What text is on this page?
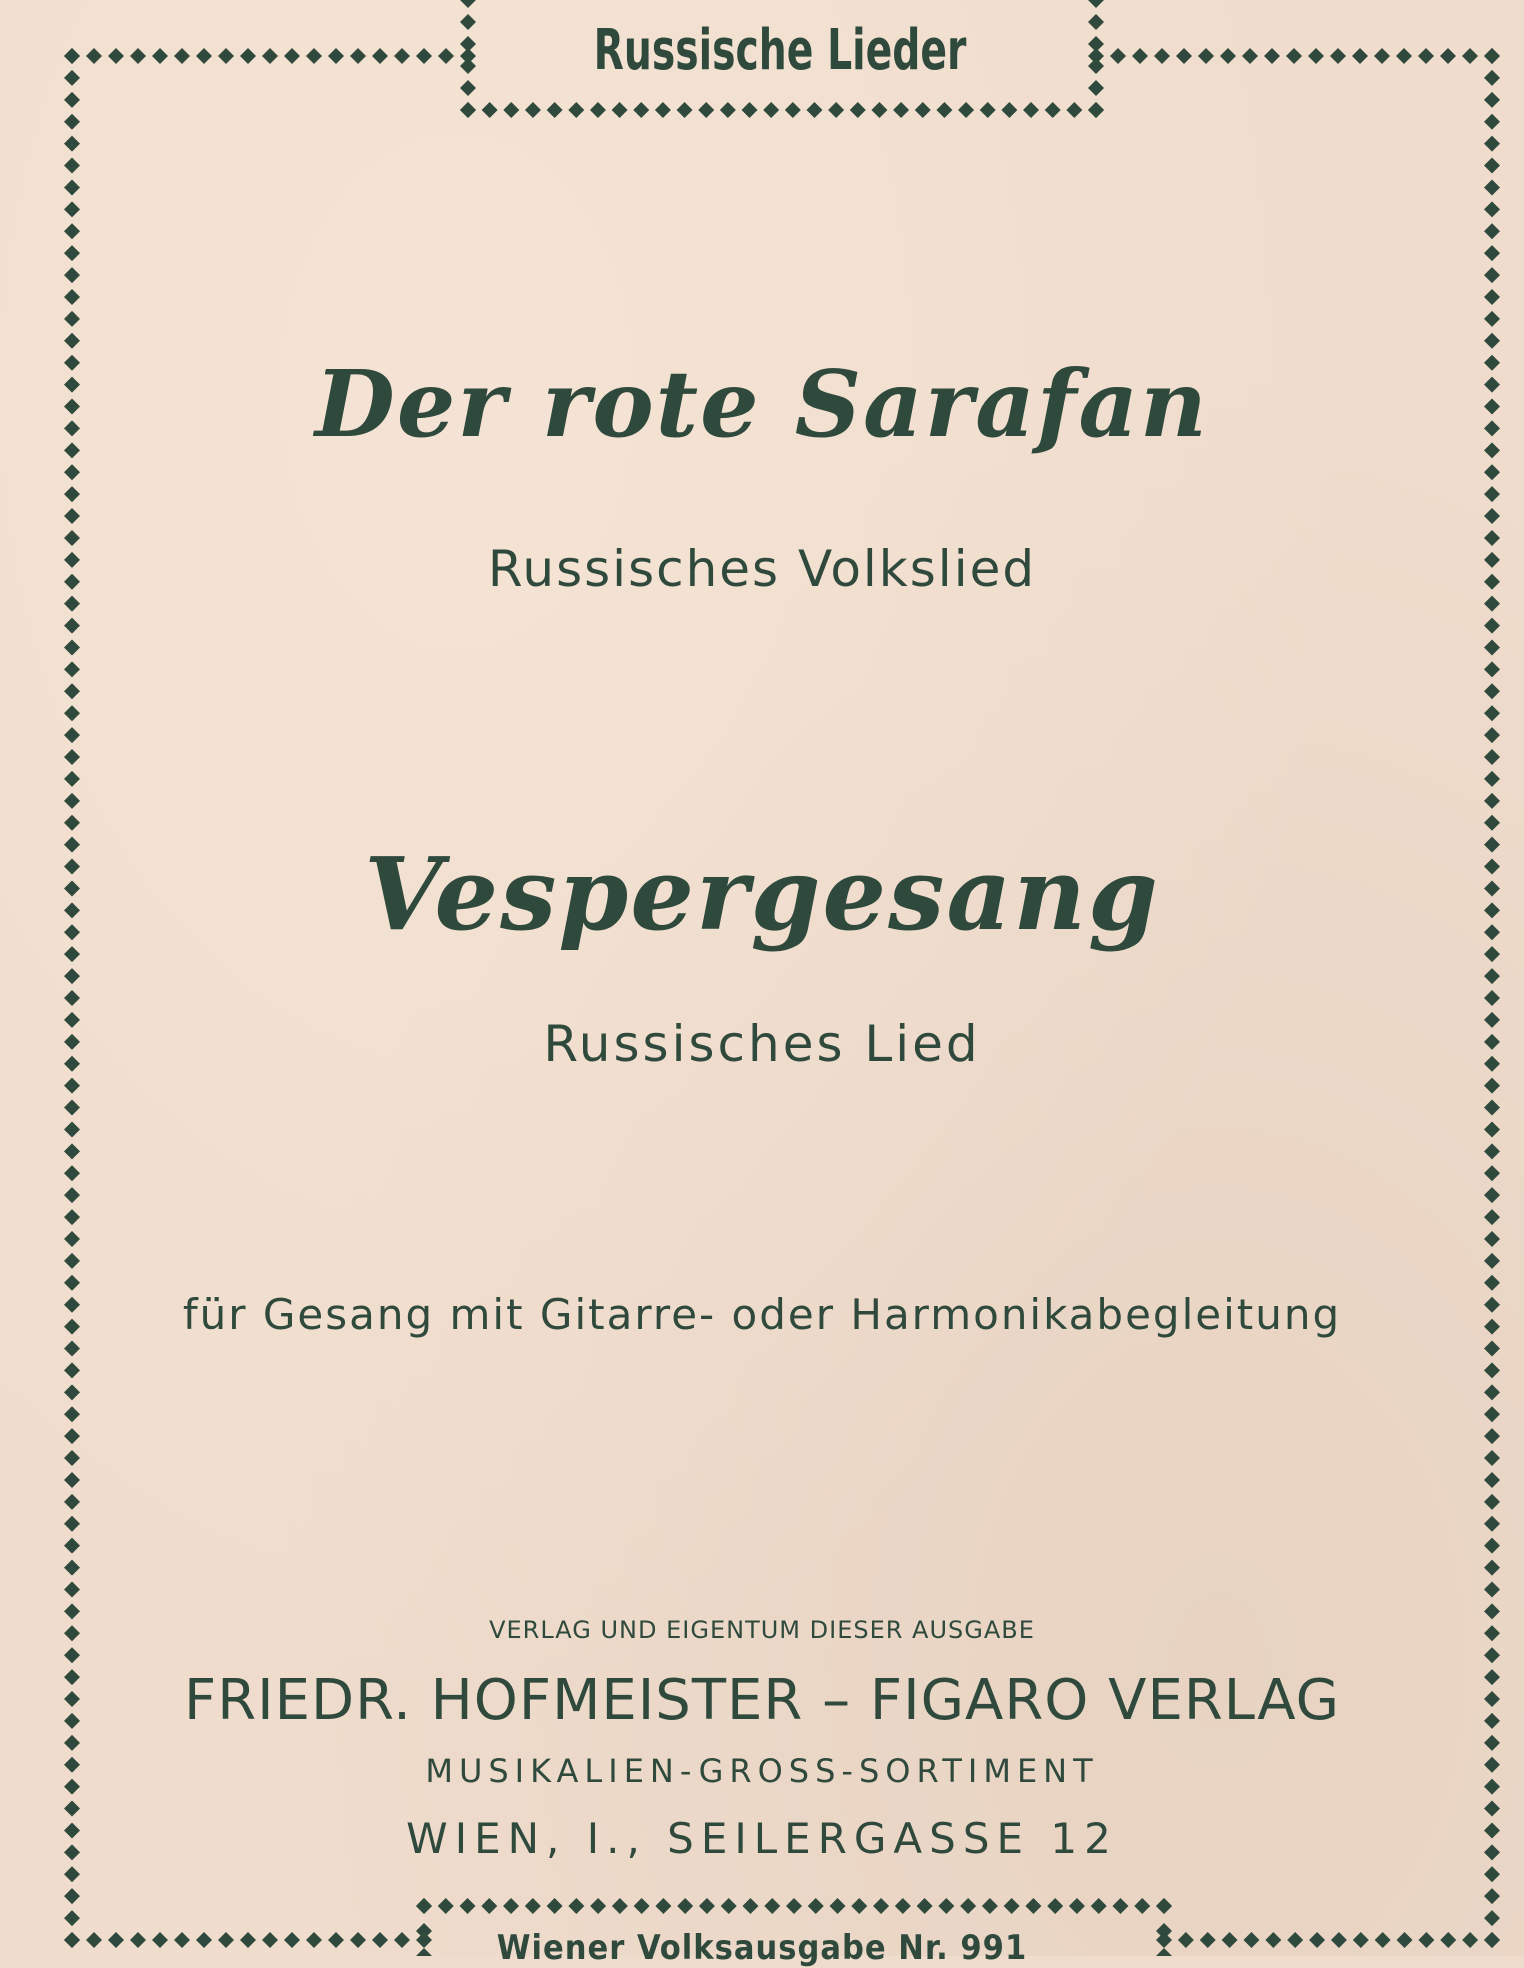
Russische Lieder
Der rote Sarafan
Russisches Volkslied
Vespergesang
Russisches Lied
für Gesang mit Gitarre- oder Harmonikabegleitung
VERLAG UND EIGENTUM DIESER AUSGABE
FRIEDR. HOFMEISTER – FIGARO VERLAG
MUSIKALIEN-GROSS-SORTIMENT
WIEN, I., SEILERGASSE 12
Wiener Volksausgabe Nr. 991
